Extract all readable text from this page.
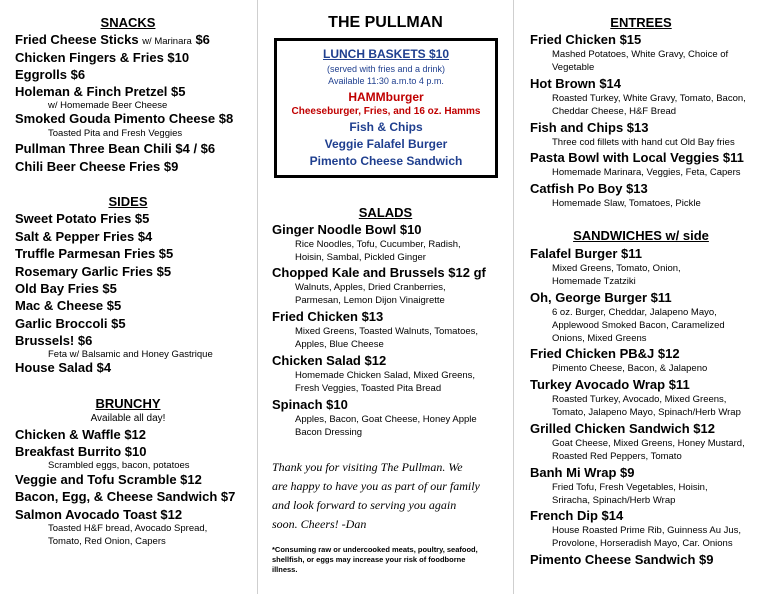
SNACKS
Fried Cheese Sticks w/ Marinara $6
Chicken Fingers & Fries $10
Eggrolls $6
Holeman & Finch Pretzel $5
w/ Homemade Beer Cheese
Smoked Gouda Pimento Cheese $8
Toasted Pita and Fresh Veggies
Pullman Three Bean Chili $4 / $6
Chili Beer Cheese Fries $9
SIDES
Sweet Potato Fries $5
Salt & Pepper Fries $4
Truffle Parmesan Fries $5
Rosemary Garlic Fries $5
Old Bay Fries $5
Mac & Cheese $5
Garlic Broccoli $5
Brussels! $6
Feta w/ Balsamic and Honey Gastrique
House Salad $4
BRUNCHY
Available all day!
Chicken & Waffle $12
Breakfast Burrito $10
Scrambled eggs, bacon, potatoes
Veggie and Tofu Scramble $12
Bacon, Egg, & Cheese Sandwich $7
Salmon Avocado Toast $12
Toasted H&F bread, Avocado Spread,
Tomato, Red Onion, Capers
THE PULLMAN
LUNCH BASKETS $10
(served with fries and a drink)
Available 11:30 a.m.to 4 p.m.
HAMMburger
Cheeseburger, Fries, and 16 oz. Hamms
Fish & Chips
Veggie Falafel Burger
Pimento Cheese Sandwich
SALADS
Ginger Noodle Bowl $10
Rice Noodles, Tofu, Cucumber, Radish,
Hoisin, Sambal, Pickled Ginger
Chopped Kale and Brussels $12 gf
Walnuts, Apples, Dried Cranberries,
Parmesan, Lemon Dijon Vinaigrette
Fried Chicken $13
Mixed Greens, Toasted Walnuts, Tomatoes,
Apples, Blue Cheese
Chicken Salad $12
Homemade Chicken Salad, Mixed Greens,
Fresh Veggies, Toasted Pita Bread
Spinach $10
Apples, Bacon, Goat Cheese, Honey Apple
Bacon Dressing
Thank you for visiting The Pullman. We
are happy to have you as part of our family
and look forward to serving you again
soon. Cheers! -Dan
*Consuming raw or undercooked meats, poultry, seafood,
shellfish, or eggs may increase your risk of foodborne
illness.
ENTREES
Fried Chicken $15
Mashed Potatoes, White Gravy, Choice of
Vegetable
Hot Brown $14
Roasted Turkey, White Gravy, Tomato, Bacon,
Cheddar Cheese, H&F Bread
Fish and Chips $13
Three cod fillets with hand cut Old Bay fries
Pasta Bowl with Local Veggies $11
Homemade Marinara, Veggies, Feta, Capers
Catfish Po Boy $13
Homemade Slaw, Tomatoes, Pickle
SANDWICHES w/ side
Falafel Burger $11
Mixed Greens, Tomato, Onion,
Homemade Tzatziki
Oh, George Burger $11
6 oz. Burger, Cheddar, Jalapeno Mayo,
Applewood Smoked Bacon, Caramelized
Onions, Mixed Greens
Fried Chicken PB&J $12
Pimento Cheese, Bacon, & Jalapeno
Turkey Avocado Wrap $11
Roasted Turkey, Avocado, Mixed Greens,
Tomato, Jalapeno Mayo, Spinach/Herb Wrap
Grilled Chicken Sandwich $12
Goat Cheese, Mixed Greens, Honey Mustard,
Roasted Red Peppers, Tomato
Banh Mi Wrap $9
Fried Tofu, Fresh Vegetables, Hoisin,
Sriracha, Spinach/Herb Wrap
French Dip $14
House Roasted Prime Rib, Guinness Au Jus,
Provolone, Horseradish Mayo, Car. Onions
Pimento Cheese Sandwich $9
